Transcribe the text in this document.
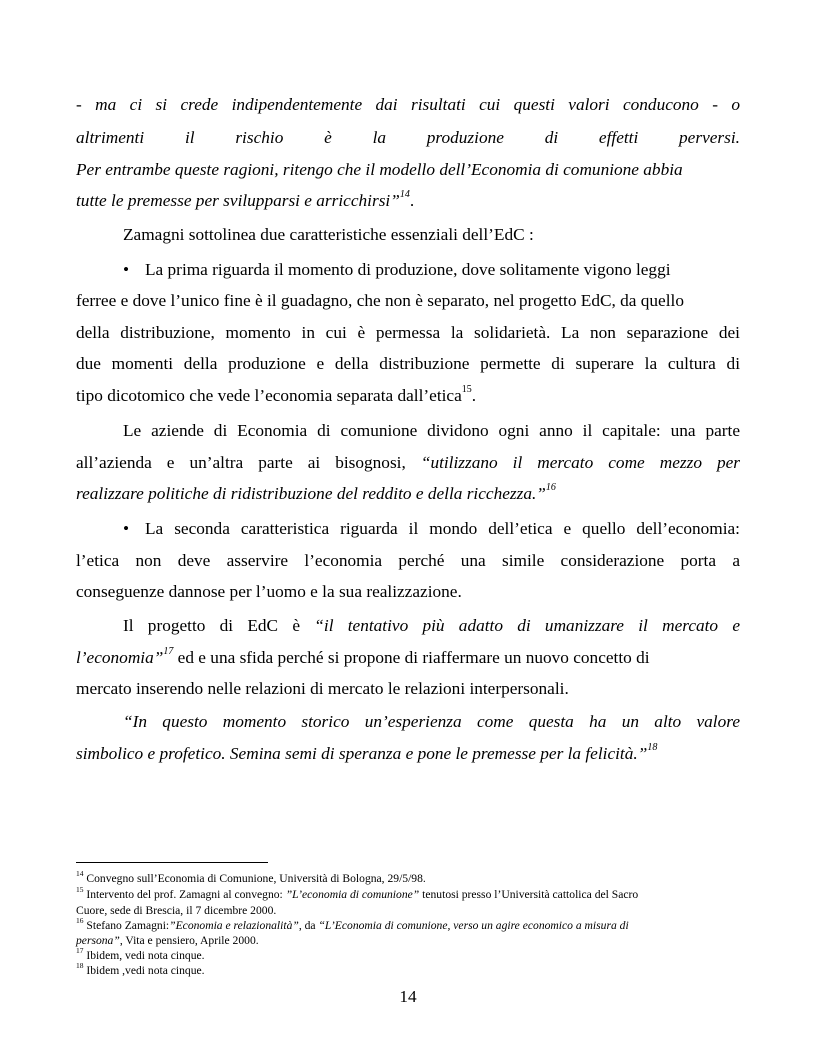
- ma ci si crede indipendentemente dai risultati cui questi valori conducono - o
altrimenti il rischio è la produzione di effetti perversi.
Per entrambe queste ragioni, ritengo che il modello dell’Economia di comunione abbia
tutte le premesse per svilupparsi e arricchirsi”$^{14}$.
Zamagni sottolinea due caratteristiche essenziali dell’EdC :
• La prima riguarda il momento di produzione, dove solitamente vigono leggi
ferree e dove l’unico fine è il guadagno, che non è separato, nel progetto EdC, da quello
della distribuzione, momento in cui è permessa la solidarietà. La non separazione dei
due momenti della produzione e della distribuzione permette di superare la cultura di
tipo dicotomico che vede l’economia separata dall’etica$^{15}$.
Le aziende di Economia di comunione dividono ogni anno il capitale: una parte
all’azienda e un’altra parte ai bisognosi, “utilizzano il mercato come mezzo per
realizzare politiche di ridistribuzione del reddito e della ricchezza.”$^{16}$
• La seconda caratteristica riguarda il mondo dell’etica e quello dell’economia:
l’etica non deve asservire l’economia perché una simile considerazione porta a
conseguenze dannose per l’uomo e la sua realizzazione.
Il progetto di EdC è “il tentativo più adatto di umanizzare il mercato e
l’economia”$^{17}$ ed e una sfida perché si propone di riaffermare un nuovo concetto di
mercato inserendo nelle relazioni di mercato le relazioni interpersonali.
“In questo momento storico un’esperienza come questa ha un alto valore
simbolico e profetico. Semina semi di speranza e pone le premesse per la felicità.”$^{18}$
$^{14}$ Convegno sull’Economia di Comunione, Università di Bologna, 29/5/98.
$^{15}$ Intervento del prof. Zamagni al convegno: ”L’economia di comunione” tenutosi presso l’Università cattolica del Sacro
Cuore, sede di Brescia, il 7 dicembre 2000.
$^{16}$ Stefano Zamagni:”Economia e relazionalità”, da “L’Economia di comunione, verso un agire economico a misura di
persona”, Vita e pensiero, Aprile 2000.
$^{17}$ Ibidem, vedi nota cinque.
$^{18}$ Ibidem ,vedi nota cinque.
14
